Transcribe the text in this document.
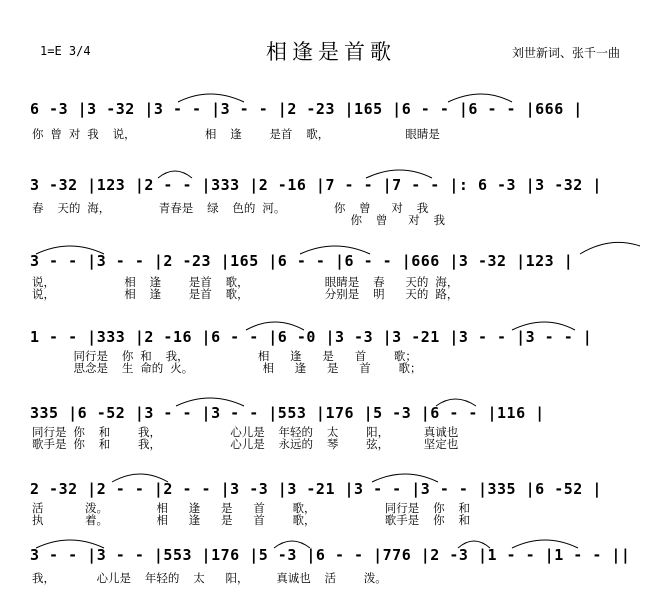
1=E 3/4	相逢是首歌	刘世新词、张千一曲
6 -3 |3 -32 |3 - - |3 - - |2 -23 |165 |6 - - |6 - - |666 |
你 曾 对 我  说，          相  逢    是首  歌，           眼睛是
3 -32 |123 |2 - - |333 |2 -16 |7 - - |7 - - |: 6 -3 |3 -32 |
春  天的 海，       青春是  绿  色的 河。       你  曾   对  我
你  曾   对  我
3 - - |3 - - |2 -23 |165 |6 - - |6 - - |666 |3 -32 |123 |
说，          相  逢    是首  歌，           眼睛是  春   天的 海，
说，          相  逢    是首  歌，           分别是  明   天的 路，
1 - - |333 |2 -16 |6 - - |6 -0 |3 -3 |3 -21 |3 - - |3 - - |
同行是  你 和  我，          相   逢   是   首    歌；
思念是  生 命的 火。          相   逢   是   首    歌；
335 |6 -52 |3 - - |3 - - |553 |176 |5 -3 |6 - - |116 |
同行是 你  和    我，          心儿是  年轻的  太    阳，     真诚也
歌手是 你  和    我，          心儿是  永远的  琴    弦，     坚定也
2 -32 |2 - - |2 - - |3 -3 |3 -21 |3 - - |3 - - |335 |6 -52 |
活      泼。       相   逢   是   首    歌，          同行是  你  和
执      着。       相   逢   是   首    歌，          歌手是  你  和
3 - - |3 - - |553 |176 |5 -3 |6 - - |776 |2 -3 |1 - - |1 - - ||
我，      心儿是  年轻的  太   阳，    真诚也  活    泼。
